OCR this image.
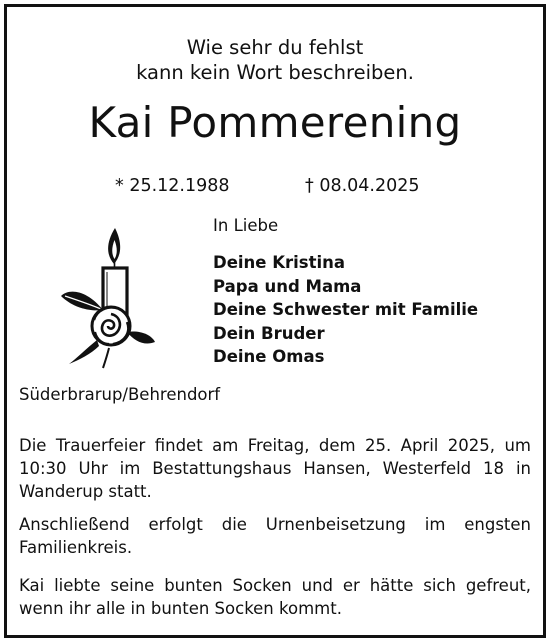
Wie sehr du fehlst
kann kein Wort beschreiben.
Kai Pommerening
* 25.12.1988	† 08.04.2025
In Liebe
Deine Kristina
Papa und Mama
Deine Schwester mit Familie
Dein Bruder
Deine Omas
Süderbrarup/Behrendorf
Die Trauerfeier findet am Freitag, dem 25. April 2025, um 10:30 Uhr im Bestattungshaus Hansen, Westerfeld 18 in Wanderup statt.
Anschließend erfolgt die Urnenbeisetzung im engsten Familienkreis.
Kai liebte seine bunten Socken und er hätte sich gefreut, wenn ihr alle in bunten Socken kommt.
